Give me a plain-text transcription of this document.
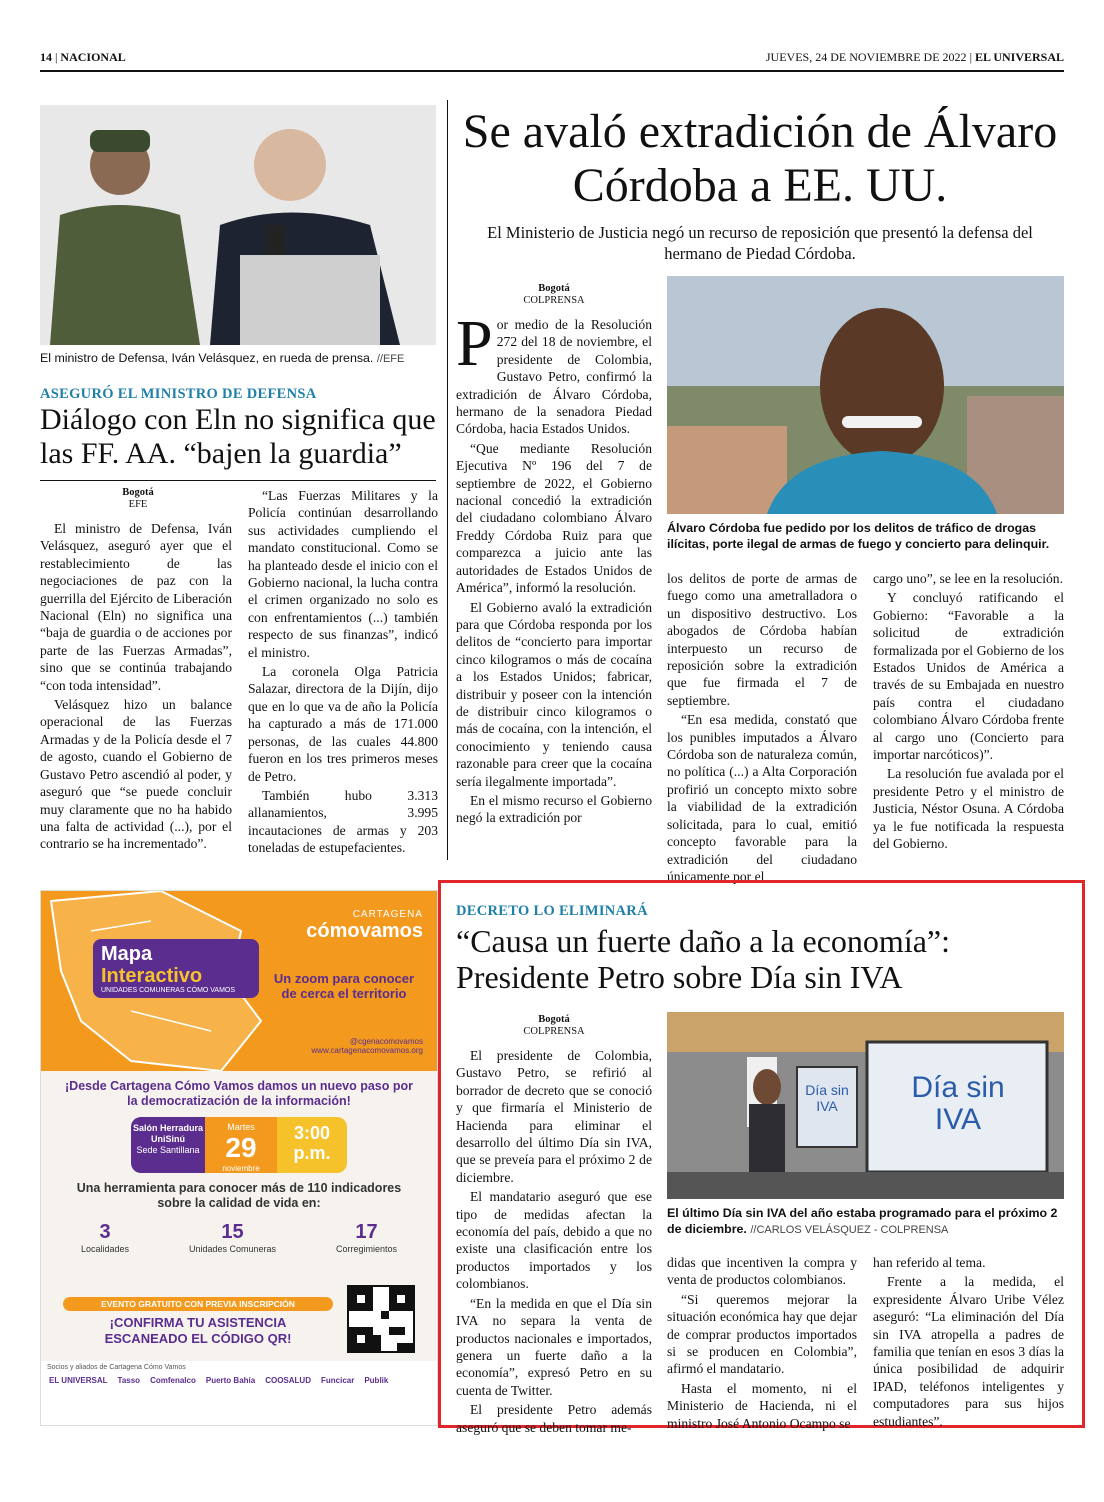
14 | NACIONAL	JUEVES, 24 DE NOVIEMBRE DE 2022 | EL UNIVERSAL
El ministro de Defensa, Iván Velásquez, en rueda de prensa. //EFE
ASEGURÓ EL MINISTRO DE DEFENSA
Diálogo con Eln no significa que las FF. AA. “bajen la guardia”
Bogotá
EFE

El ministro de Defensa, Iván Velásquez, aseguró ayer que el restablecimiento de las negociaciones de paz con la guerrilla del Ejército de Liberación Nacional (Eln) no significa una “baja de guardia o de acciones por parte de las Fuerzas Armadas”, sino que se continúa trabajando “con toda intensidad”.

Velásquez hizo un balance operacional de las Fuerzas Armadas y de la Policía desde el 7 de agosto, cuando el Gobierno de Gustavo Petro ascendió al poder, y aseguró que “se puede concluir muy claramente que no ha habido una falta de actividad (...), por el contrario se ha incrementado”.

“Las Fuerzas Militares y la Policía continúan desarrollando sus actividades cumpliendo el mandato constitucional. Como se ha planteado desde el inicio con el Gobierno nacional, la lucha contra el crimen organizado no solo es con enfrentamientos (...) también respecto de sus finanzas”, indicó el ministro.

La coronela Olga Patricia Salazar, directora de la Dijín, dijo que en lo que va de año la Policía ha capturado a más de 171.000 personas, de las cuales 44.800 fueron en los tres primeros meses de Petro.

También hubo 3.313 allanamientos, 3.995 incautaciones de armas y 203 toneladas de estupefacientes.

Se avaló extradición de Álvaro Córdoba a EE. UU.
El Ministerio de Justicia negó un recurso de reposición que presentó la defensa del hermano de Piedad Córdoba.
Bogotá
COLPRENSA

Por medio de la Resolución 272 del 18 de noviembre, el presidente de Colombia, Gustavo Petro, confirmó la extradición de Álvaro Córdoba, hermano de la senadora Piedad Córdoba, hacia Estados Unidos.

“Que mediante Resolución Ejecutiva Nº 196 del 7 de septiembre de 2022, el Gobierno nacional concedió la extradición del ciudadano colombiano Álvaro Freddy Córdoba Ruiz para que comparezca a juicio ante las autoridades de Estados Unidos de América”, informó la resolución.

El Gobierno avaló la extradición para que Córdoba responda por los delitos de “concierto para importar cinco kilogramos o más de cocaína a los Estados Unidos; fabricar, distribuir y poseer con la intención de distribuir cinco kilogramos o más de cocaína, con la intención, el conocimiento y teniendo causa razonable para creer que la cocaína sería ilegalmente importada”.

En el mismo recurso el Gobierno negó la extradición por

Álvaro Córdoba fue pedido por los delitos de tráfico de drogas ilícitas, porte ilegal de armas de fuego y concierto para delinquir.

los delitos de porte de armas de fuego como una ametralladora o un dispositivo destructivo. Los abogados de Córdoba habían interpuesto un recurso de reposición sobre la extradición que fue firmada el 7 de septiembre.

“En esa medida, constató que los punibles imputados a Álvaro Córdoba son de naturaleza común, no política (...) a Alta Corporación profirió un concepto mixto sobre la viabilidad de la extradición solicitada, para lo cual, emitió concepto favorable para la extradición del ciudadano únicamente por el

cargo uno”, se lee en la resolución.

Y concluyó ratificando el Gobierno: “Favorable a la solicitud de extradición formalizada por el Gobierno de los Estados Unidos de América a través de su Embajada en nuestro país contra el ciudadano colombiano Álvaro Córdoba frente al cargo uno (Concierto para importar narcóticos)”.

La resolución fue avalada por el presidente Petro y el ministro de Justicia, Néstor Osuna. A Córdoba ya le fue notificada la respuesta del Gobierno.

CARTAGENA
cómovamos
Mapa
Interactivo
UNIDADES COMUNERAS CÓMO VAMOS
Un zoom para conocer de cerca el territorio
@cgenacomovamos
www.cartagenacomovamos.org
¡Desde Cartagena Cómo Vamos damos un nuevo paso por la democratización de la información!
Salón Herradura
UniSinú
Sede Santillana
Martes
29
noviembre
3:00
p.m.
Una herramienta para conocer más de 110 indicadores sobre la calidad de vida en:
3
Localidades
15
Unidades Comuneras
17
Corregimientos
EVENTO GRATUITO CON PREVIA INSCRIPCIÓN
¡CONFIRMA TU ASISTENCIA
ESCANEADO EL CÓDIGO QR!
Socios y aliados de Cartagena Cómo Vamos
EL UNIVERSAL Tasso Comfenalco Puerto Bahía COOSALUD Funcicar Publik
DECRETO LO ELIMINARÁ
“Causa un fuerte daño a la economía”: Presidente Petro sobre Día sin IVA
Bogotá
COLPRENSA

El presidente de Colombia, Gustavo Petro, se refirió al borrador de decreto que se conoció y que firmaría el Ministerio de Hacienda para eliminar el desarrollo del último Día sin IVA, que se preveía para el próximo 2 de diciembre.

El mandatario aseguró que ese tipo de medidas afectan la economía del país, debido a que no existe una clasificación entre los productos importados y los colombianos.

“En la medida en que el Día sin IVA no separa la venta de productos nacionales e importados, genera un fuerte daño a la economía”, expresó Petro en su cuenta de Twitter.

El presidente Petro además aseguró que se deben tomar me-

Día sin IVA
Día sin IVA
El último Día sin IVA del año estaba programado para el próximo 2 de diciembre. //CARLOS VELÁSQUEZ - COLPRENSA

didas que incentiven la compra y venta de productos colombianos.

“Si queremos mejorar la situación económica hay que dejar de comprar productos importados si se producen en Colombia”, afirmó el mandatario.

Hasta el momento, ni el Ministerio de Hacienda, ni el ministro José Antonio Ocampo se

han referido al tema.

Frente a la medida, el expresidente Álvaro Uribe Vélez aseguró: “La eliminación del Día sin IVA atropella a padres de familia que tenían en esos 3 días la única posibilidad de adquirir IPAD, teléfonos inteligentes y computadores para sus hijos estudiantes”.
